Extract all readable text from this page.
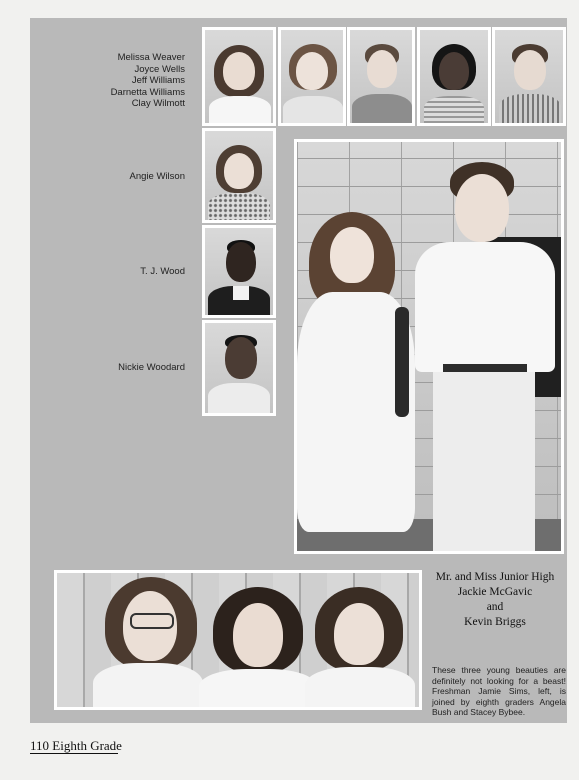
Melissa Weaver
Joyce Wells
Jeff Williams
Darnetta Williams
Clay Wilmott
Angie Wilson
T. J. Wood
Nickie Woodard
Mr. and Miss Junior High
Jackie McGavic
and
Kevin Briggs
These three young beauties are definitely not looking for a beast! Freshman Jamie Sims, left, is joined by eighth graders Angela Bush and Stacey Bybee.
110 Eighth Grade
